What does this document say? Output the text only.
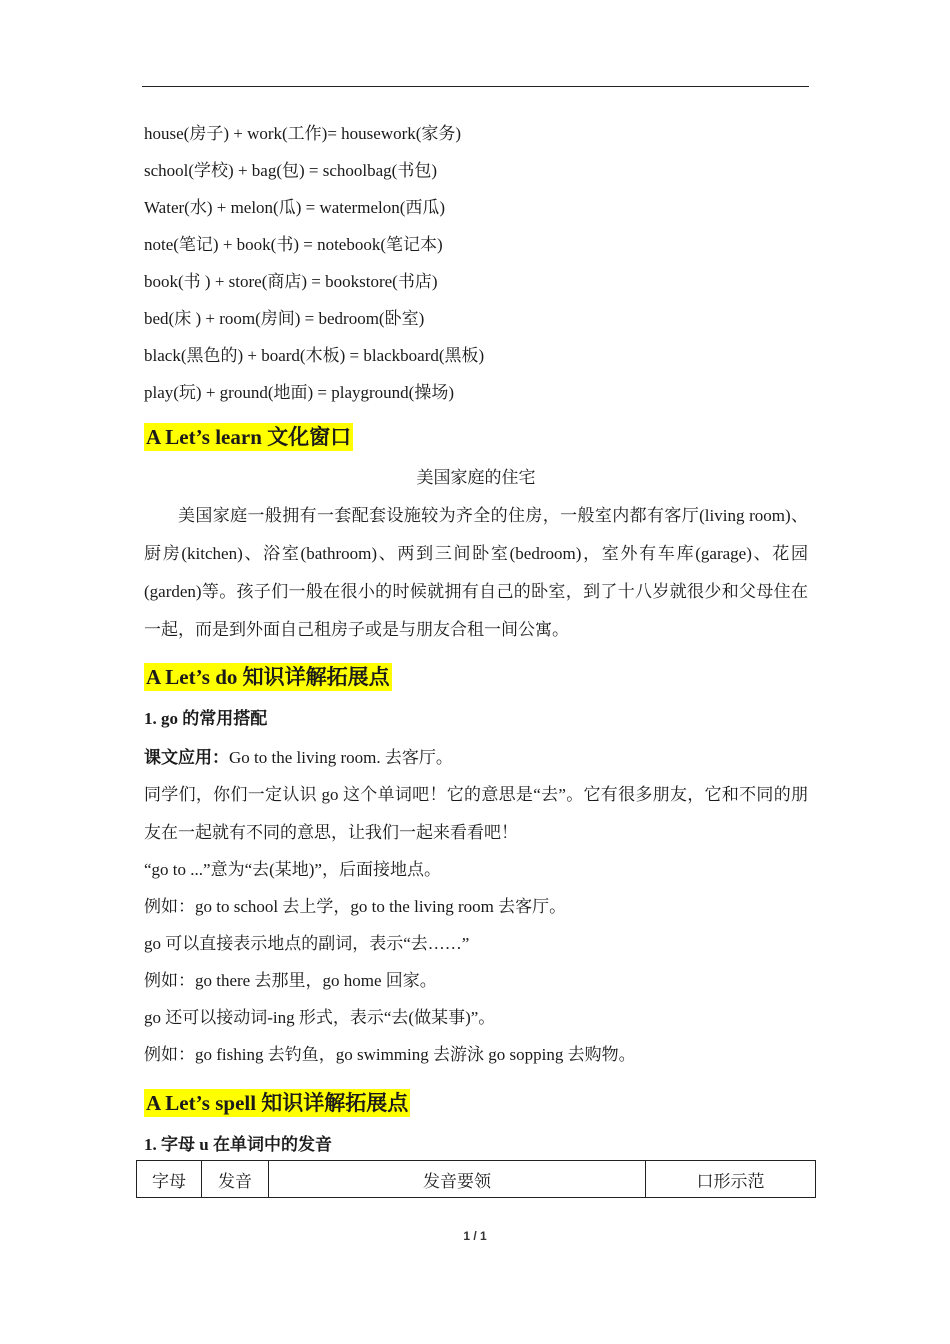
house(房子) + work(工作)= housework(家务)
school(学校) + bag(包) = schoolbag(书包)
Water(水) + melon(瓜) = watermelon(西瓜)
note(笔记) + book(书) = notebook(笔记本)
book(书 ) + store(商店) = bookstore(书店)
bed(床 ) + room(房间) = bedroom(卧室)
black(黑色的) + board(木板) = blackboard(黑板)
play(玩) + ground(地面) = playground(操场)
A Let’s learn 文化窗口
美国家庭的住宅

美国家庭一般拥有一套配套设施较为齐全的住房，一般室内都有客厅(living room)、厨房(kitchen)、浴室(bathroom)、两到三间卧室(bedroom)，室外有车库(garage)、花园(garden)等。孩子们一般在很小的时候就拥有自己的卧室，到了十八岁就很少和父母住在一起，而是到外面自己租房子或是与朋友合租一间公寓。

A Let’s do 知识详解拓展点
1. go 的常用搭配
课文应用：Go to the living room. 去客厅。

同学们，你们一定认识 go 这个单词吧！它的意思是“去”。它有很多朋友，它和不同的朋友在一起就有不同的意思，让我们一起来看看吧！

“go to ...”意为“去(某地)”，后面接地点。
例如：go to school 去上学，go to the living room 去客厅。
go 可以直接表示地点的副词，表示“去……”
例如：go there 去那里，go home 回家。
go 还可以接动词-ing 形式，表示“去(做某事)”。
例如：go fishing 去钓鱼，go swimming 去游泳 go sopping 去购物。
A Let’s spell 知识详解拓展点
1. 字母 u 在单词中的发音
字母	发音	发音要领	口形示范
1 / 1
